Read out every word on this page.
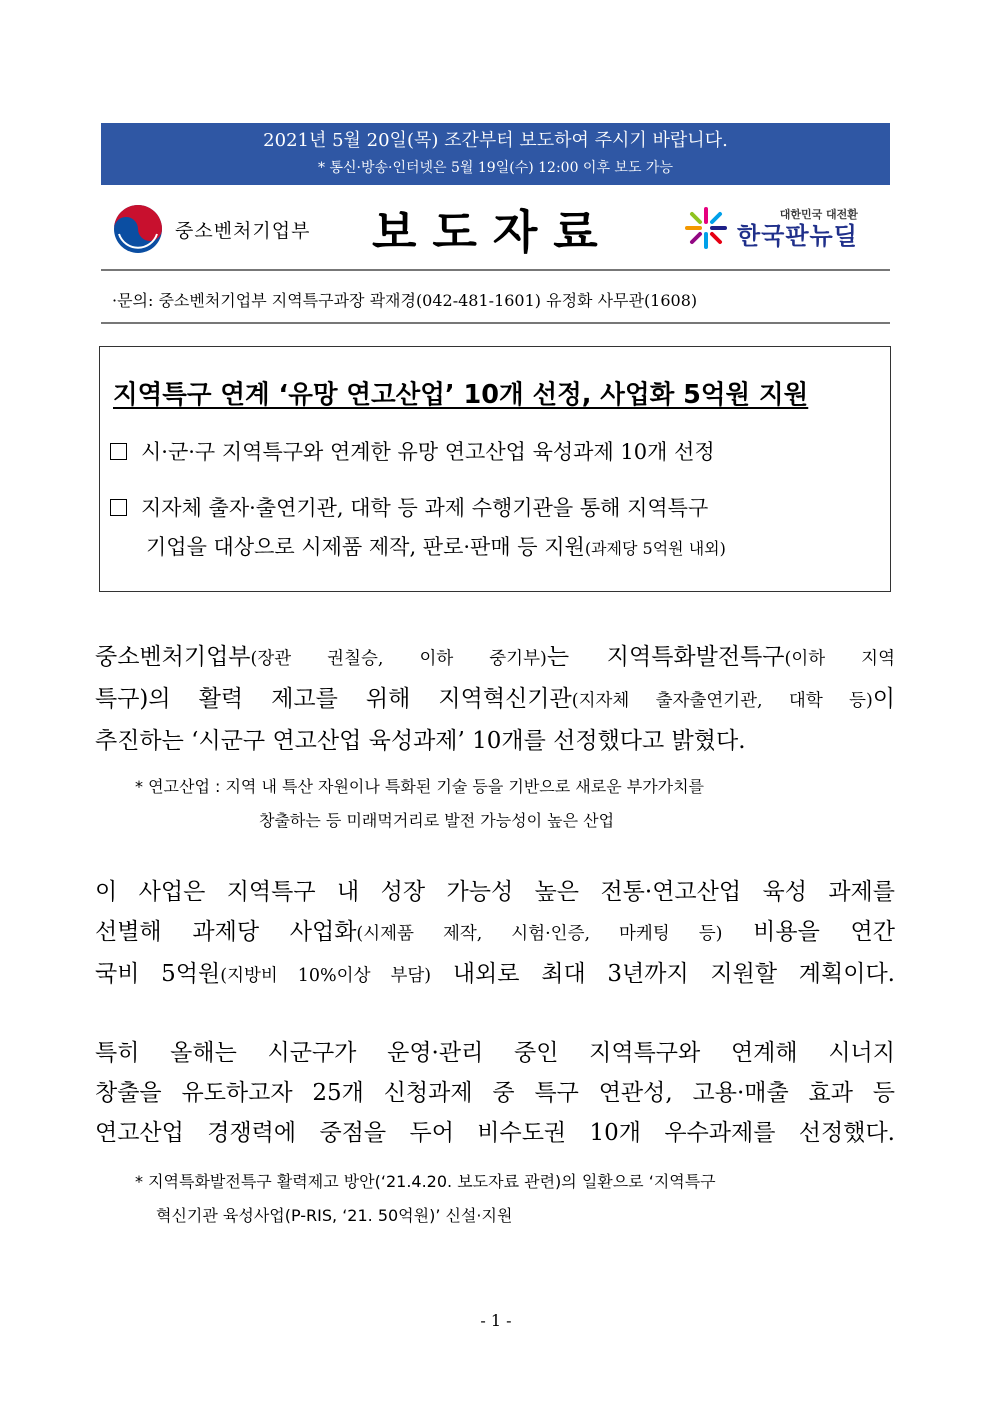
2021년 5월 20일(목) 조간부터 보도하여 주시기 바랍니다.
* 통신·방송·인터넷은 5월 19일(수) 12:00 이후 보도 가능
중소벤처기업부 보도자료	대한민국 대전환
한국판뉴딜
·문의: 중소벤처기업부 지역특구과장 곽재경(042-481-1601) 유정화 사무관(1608)
지역특구 연계 ‘유망 연고산업’ 10개 선정, 사업화 5억원 지원
시·군·구 지역특구와 연계한 유망 연고산업 육성과제 10개 선정
지자체 출자·출연기관, 대학 등 과제 수행기관을 통해 지역특구
기업을 대상으로 시제품 제작, 판로·판매 등 지원(과제당 5억원 내외)
중소벤처기업부(장관 권칠승, 이하 중기부)는 지역특화발전특구(이하 지역
특구)의 활력 제고를 위해 지역혁신기관(지자체 출자출연기관, 대학 등)이
추진하는 ‘시군구 연고산업 육성과제’ 10개를 선정했다고 밝혔다.
* 연고산업 : 지역 내 특산 자원이나 특화된 기술 등을 기반으로 새로운 부가가치를
창출하는 등 미래먹거리로 발전 가능성이 높은 산업
이 사업은 지역특구 내 성장 가능성 높은 전통·연고산업 육성 과제를
선별해 과제당 사업화(시제품 제작, 시험·인증, 마케팅 등) 비용을 연간
국비 5억원(지방비 10%이상 부담) 내외로 최대 3년까지 지원할 계획이다.
특히 올해는 시군구가 운영·관리 중인 지역특구와 연계해 시너지
창출을 유도하고자 25개 신청과제 중 특구 연관성, 고용·매출 효과 등
연고산업 경쟁력에 중점을 두어 비수도권 10개 우수과제를 선정했다.
* 지역특화발전특구 활력제고 방안(‘21.4.20. 보도자료 관련)의 일환으로 ‘지역특구
혁신기관 육성사업(P-RIS, ‘21. 50억원)’ 신설·지원
- 1 -
